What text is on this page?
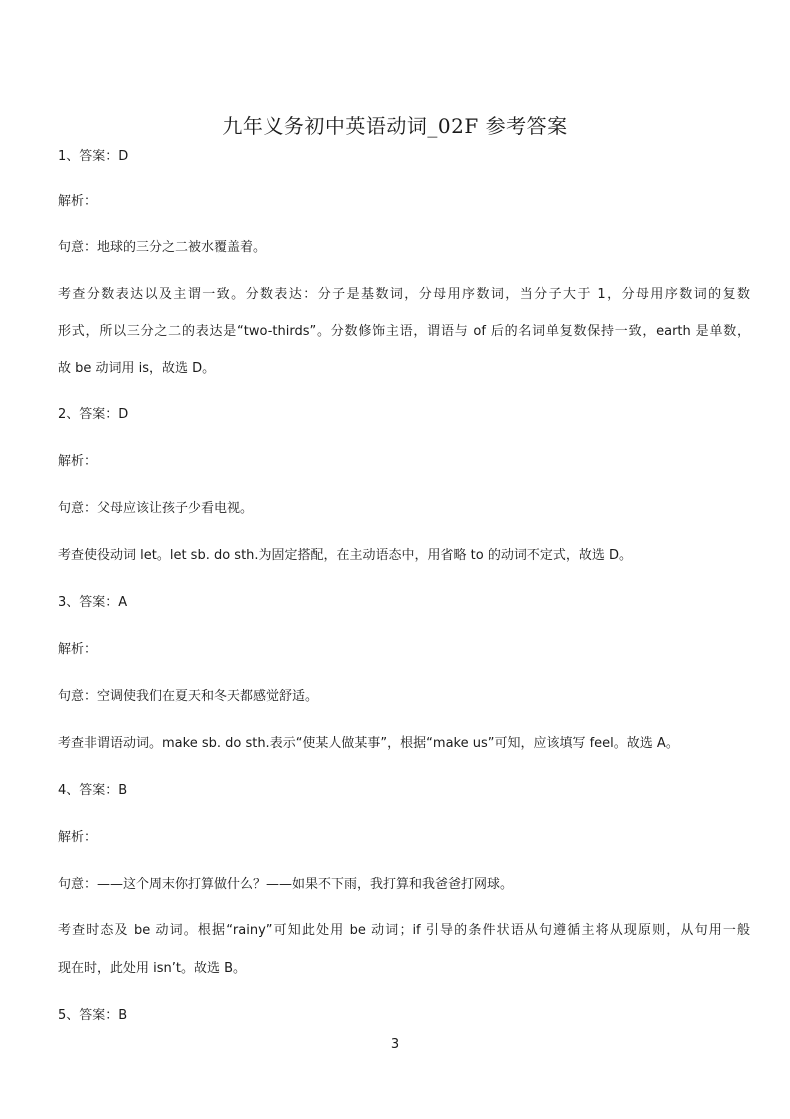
九年义务初中英语动词_02F 参考答案
1、答案：D
解析：
句意：地球的三分之二被水覆盖着。
考查分数表达以及主谓一致。分数表达：分子是基数词，分母用序数词，当分子大于 1，分母用序数词的复数
形式，所以三分之二的表达是“two-thirds”。分数修饰主语，谓语与 of 后的名词单复数保持一致，earth 是单数，
故 be 动词用 is，故选 D。
2、答案：D
解析：
句意：父母应该让孩子少看电视。
考查使役动词 let。let sb. do sth.为固定搭配，在主动语态中，用省略 to 的动词不定式，故选 D。
3、答案：A
解析：
句意：空调使我们在夏天和冬天都感觉舒适。
考查非谓语动词。make sb. do sth.表示“使某人做某事”，根据“make us”可知，应该填写 feel。故选 A。
4、答案：B
解析：
句意：——这个周末你打算做什么？——如果不下雨，我打算和我爸爸打网球。
考查时态及 be 动词。根据“rainy”可知此处用 be 动词；if 引导的条件状语从句遵循主将从现原则，从句用一般
现在时，此处用 isn’t。故选 B。
5、答案：B
3
